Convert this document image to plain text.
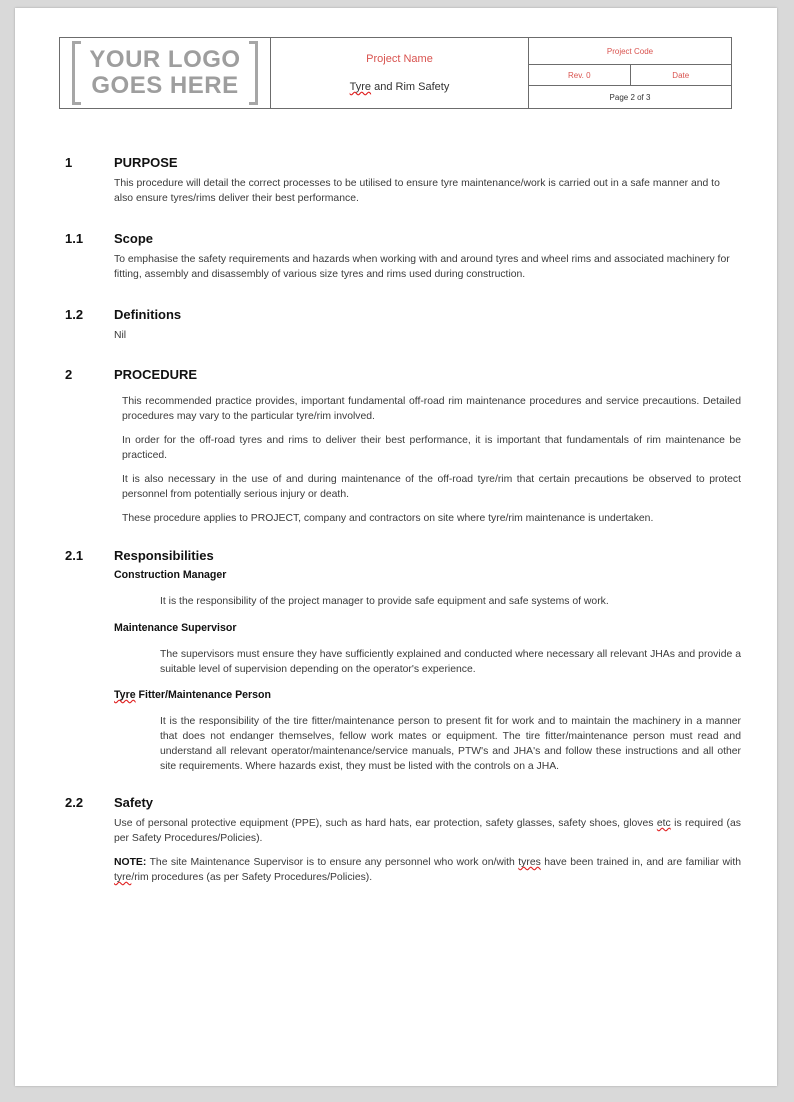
YOUR LOGO
GOES HERE
Project Name
Tyre and Rim Safety
Project Code
Rev. 0	Date
Page 2 of 3
1	PURPOSE
This procedure will detail the correct processes to be utilised to ensure tyre maintenance/work is carried out in a safe manner and to also ensure tyres/rims deliver their best performance.
1.1	Scope
To emphasise the safety requirements and hazards when working with and around tyres and wheel rims and associated machinery for fitting, assembly and disassembly of various size tyres and rims used during construction.
1.2	Definitions
Nil
2	PROCEDURE
This recommended practice provides, important fundamental off-road rim maintenance procedures and service precautions. Detailed procedures may vary to the particular tyre/rim involved.
In order for the off-road tyres and rims to deliver their best performance, it is important that fundamentals of rim maintenance be practiced.
It is also necessary in the use of and during maintenance of the off-road tyre/rim that certain precautions be observed to protect personnel from potentially serious injury or death.
These procedure applies to PROJECT, company and contractors on site where tyre/rim maintenance is undertaken.
2.1	Responsibilities
Construction Manager
It is the responsibility of the project manager to provide safe equipment and safe systems of work.
Maintenance Supervisor
The supervisors must ensure they have sufficiently explained and conducted where necessary all relevant JHAs and provide a suitable level of supervision depending on the operator's experience.
Tyre Fitter/Maintenance Person
It is the responsibility of the tire fitter/maintenance person to present fit for work and to maintain the machinery in a manner that does not endanger themselves, fellow work mates or equipment. The tire fitter/maintenance person must read and understand all relevant operator/maintenance/service manuals, PTW's and JHA's and follow these instructions and all other site requirements. Where hazards exist, they must be listed with the controls on a JHA.
2.2	Safety
Use of personal protective equipment (PPE), such as hard hats, ear protection, safety glasses, safety shoes, gloves etc is required (as per Safety Procedures/Policies).
NOTE: The site Maintenance Supervisor is to ensure any personnel who work on/with tyres have been trained in, and are familiar with tyre/rim procedures (as per Safety Procedures/Policies).
